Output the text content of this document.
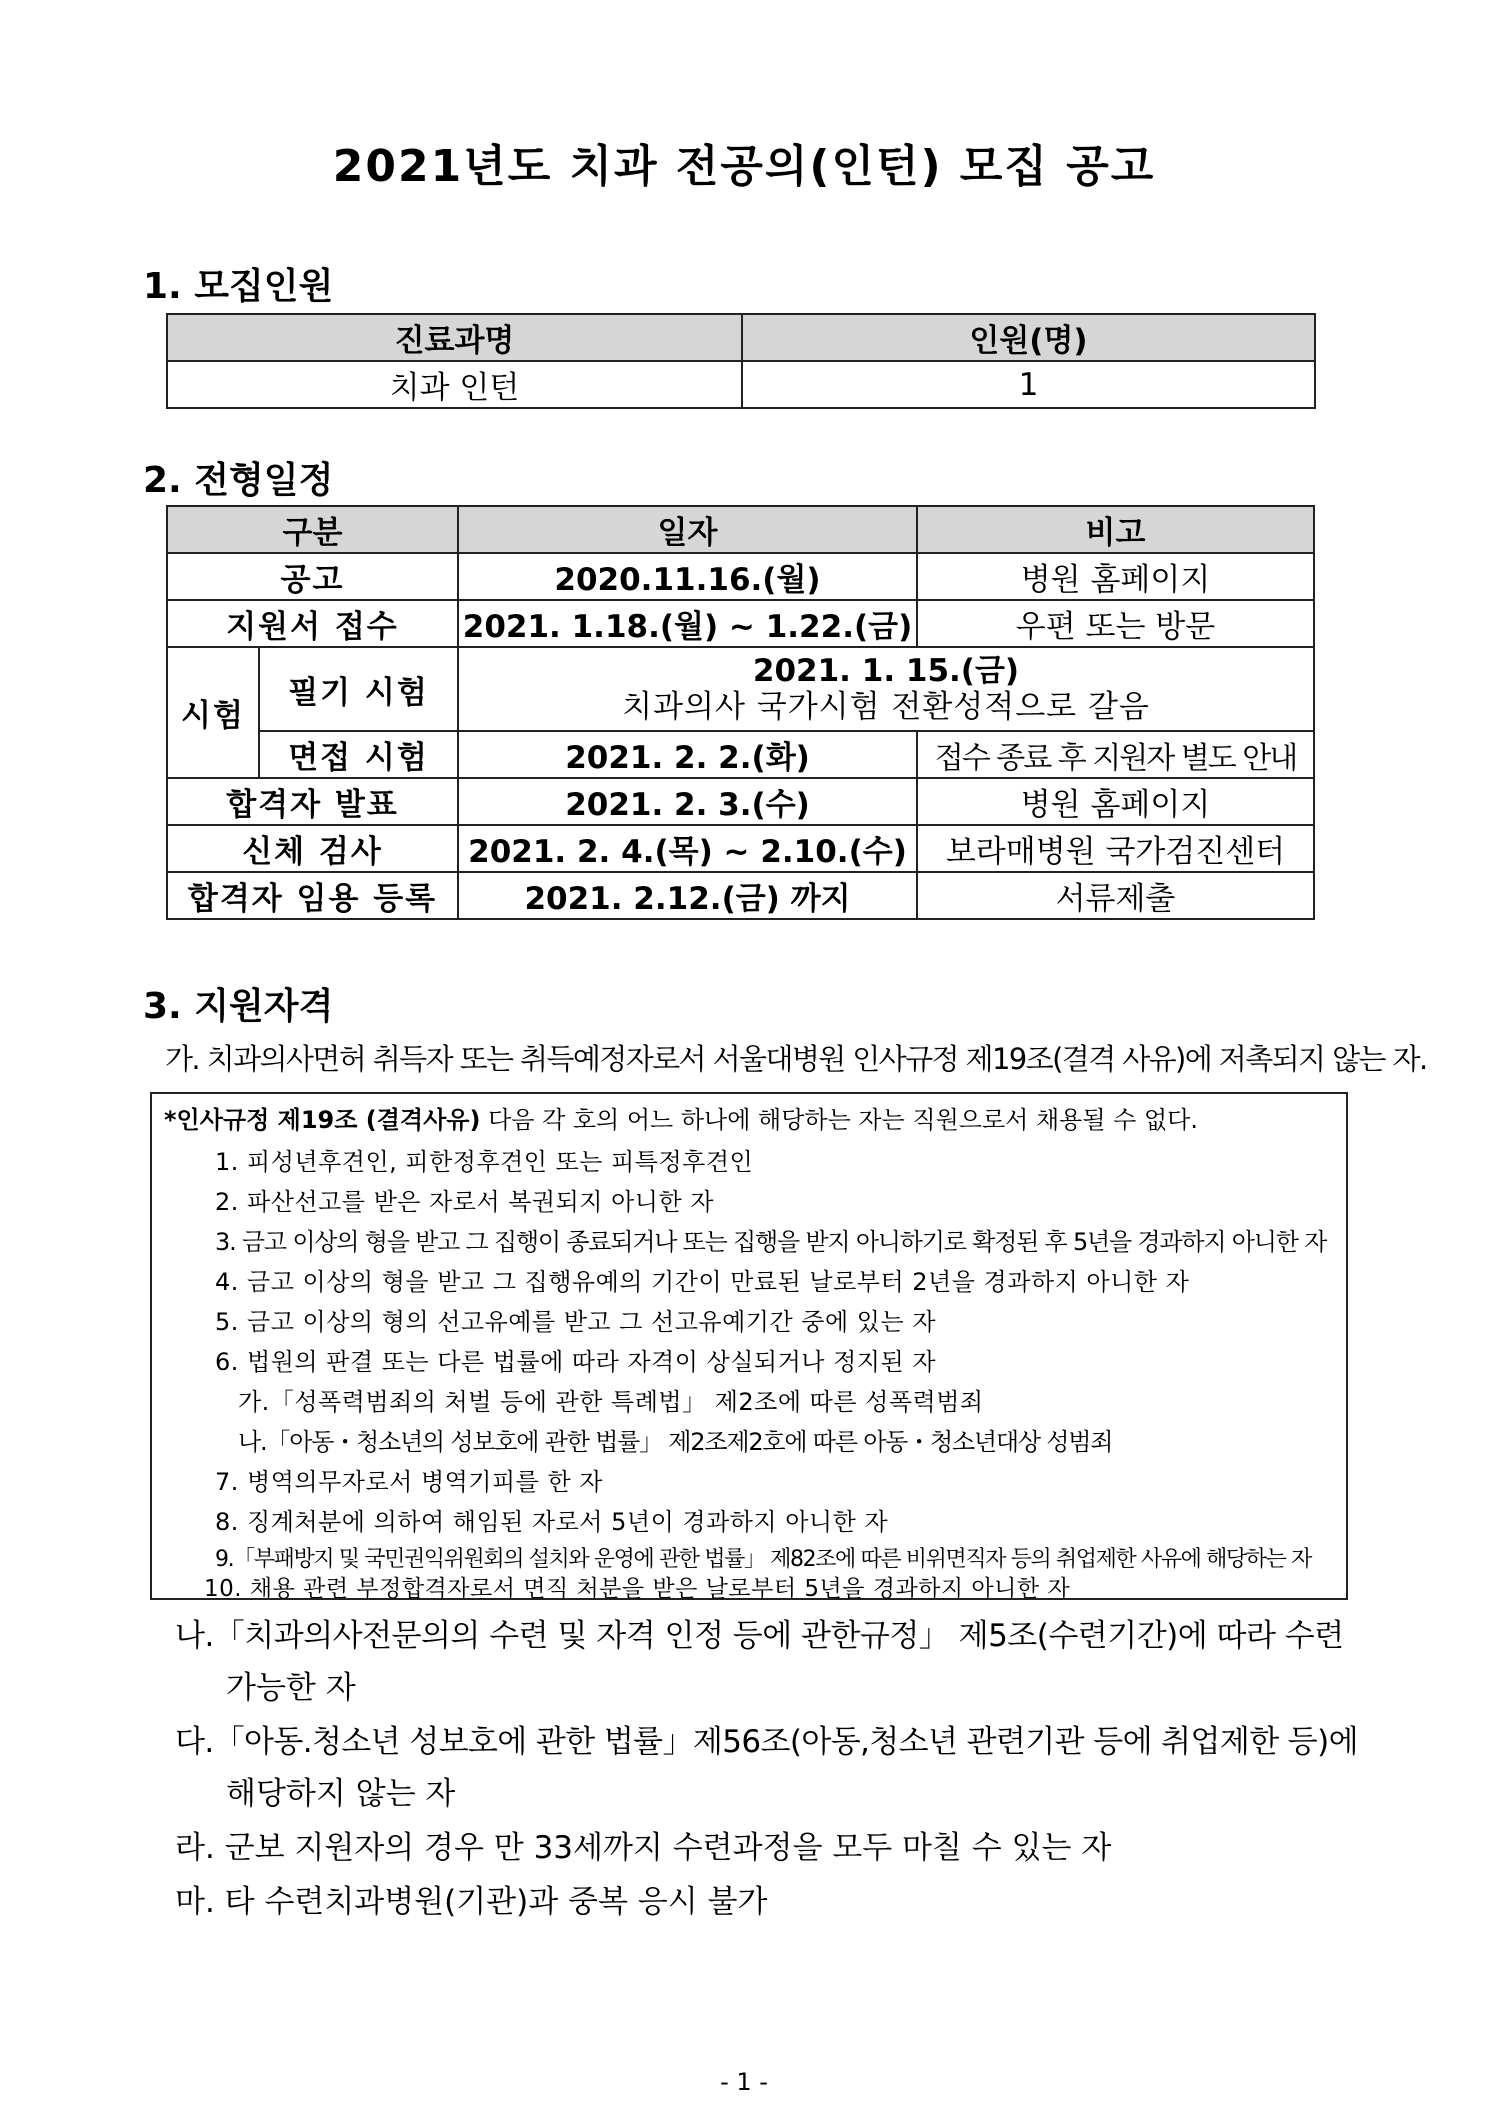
2021년도 치과 전공의(인턴) 모집 공고
1. 모집인원
진료과명	인원(명)
치과 인턴	1
2. 전형일정
구분		일자	비고
공고		2020.11.16.(월)	병원 홈페이지
지원서 접수		2021. 1.18.(월) ~ 1.22.(금)	우편 또는 방문
시험	필기 시험	2021. 1. 15.(금)
치과의사 국가시험 전환성적으로 갈음	

	면접 시험	2021. 2. 2.(화)	접수 종료 후 지원자 별도 안내
합격자 발표		2021. 2. 3.(수)	병원 홈페이지
신체 검사		2021. 2. 4.(목) ~ 2.10.(수)	보라매병원 국가검진센터
합격자 임용 등록		2021. 2.12.(금) 까지	서류제출
3. 지원자격
가. 치과의사면허 취득자 또는 취득예정자로서 서울대병원 인사규정 제19조(결격 사유)에 저촉되지 않는 자.
*인사규정 제19조 (결격사유) 다음 각 호의 어느 하나에 해당하는 자는 직원으로서 채용될 수 없다.
1. 피성년후견인, 피한정후견인 또는 피특정후견인
2. 파산선고를 받은 자로서 복권되지 아니한 자
3. 금고 이상의 형을 받고 그 집행이 종료되거나 또는 집행을 받지 아니하기로 확정된 후 5년을 경과하지 아니한 자
4. 금고 이상의 형을 받고 그 집행유예의 기간이 만료된 날로부터 2년을 경과하지 아니한 자
5. 금고 이상의 형의 선고유예를 받고 그 선고유예기간 중에 있는 자
6. 법원의 판결 또는 다른 법률에 따라 자격이 상실되거나 정지된 자
가.「성폭력범죄의 처벌 등에 관한 특례법」 제2조에 따른 성폭력범죄
나.「아동・청소년의 성보호에 관한 법률」 제2조제2호에 따른 아동・청소년대상 성범죄
7. 병역의무자로서 병역기피를 한 자
8. 징계처분에 의하여 해임된 자로서 5년이 경과하지 아니한 자
9.「부패방지 및 국민권익위원회의 설치와 운영에 관한 법률」 제82조에 따른 비위면직자 등의 취업제한 사유에 해당하는 자
10. 채용 관련 부정합격자로서 면직 처분을 받은 날로부터 5년을 경과하지 아니한 자
나.「치과의사전문의의 수련 및 자격 인정 등에 관한규정」 제5조(수련기간)에 따라 수련
가능한 자
다.「아동.청소년 성보호에 관한 법률」제56조(아동,청소년 관련기관 등에 취업제한 등)에
해당하지 않는 자
라. 군보 지원자의 경우 만 33세까지 수련과정을 모두 마칠 수 있는 자
마. 타 수련치과병원(기관)과 중복 응시 불가
- 1 -
